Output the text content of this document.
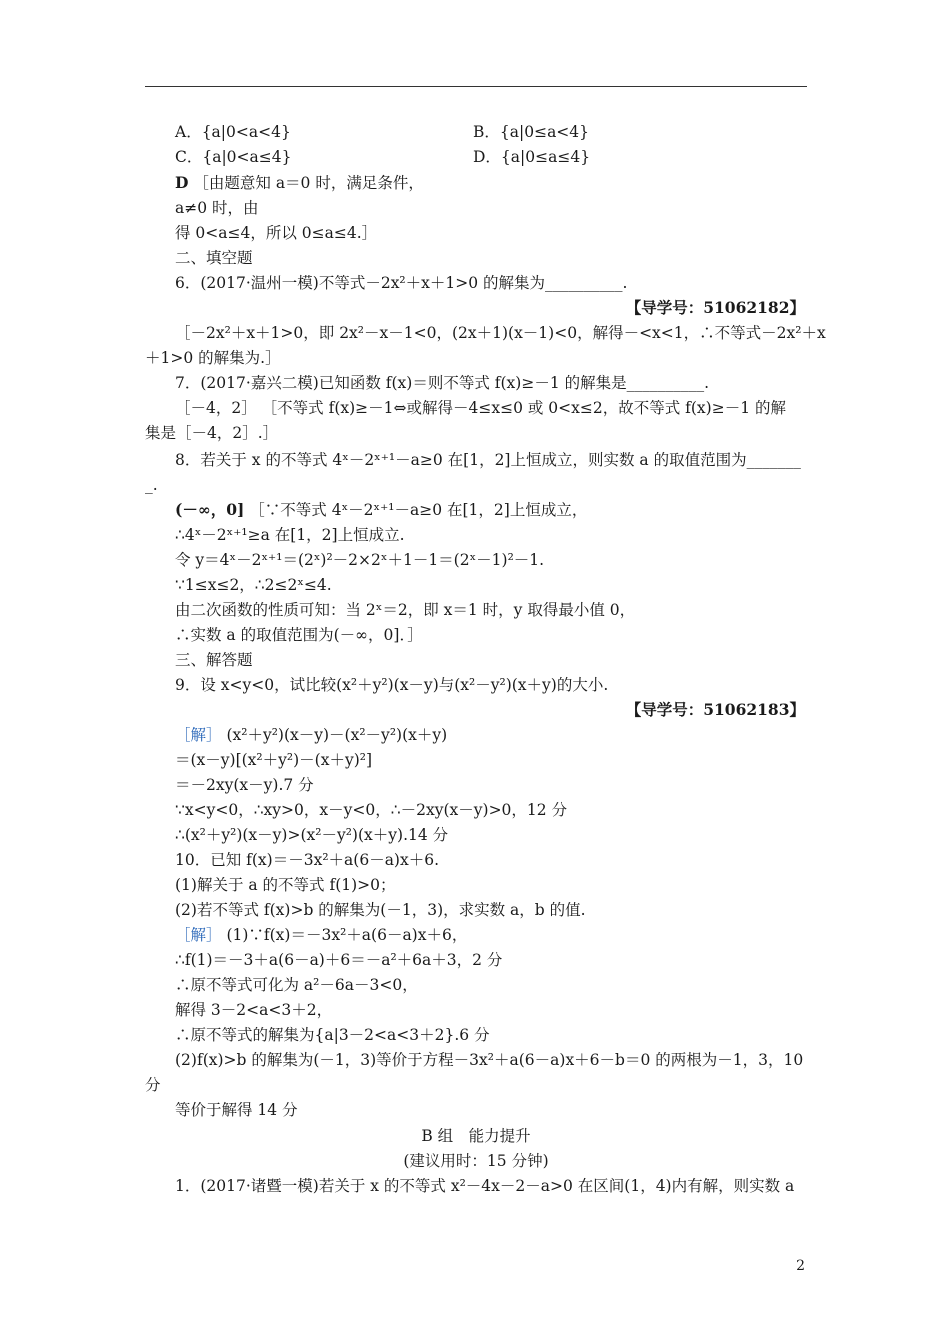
A．{a|0<a<4}	B．{a|0≤a<4}
C．{a|0<a≤4}	D．{a|0≤a≤4}
D ［由题意知 a＝0 时，满足条件，
a≠0 时，由
得 0<a≤4，所以 0≤a≤4.］
二、填空题
6．(2017·温州一模)不等式－2x²＋x＋1>0 的解集为__________.
【导学号：51062182】
［－2x²＋x＋1>0，即 2x²－x－1<0，(2x＋1)(x－1)<0，解得－<x<1，∴不等式－2x²＋x
＋1>0 的解集为.］
7．(2017·嘉兴二模)已知函数 f(x)＝则不等式 f(x)≥－1 的解集是__________.
［－4，2］ ［不等式 f(x)≥－1⇔或解得－4≤x≤0 或 0<x≤2，故不等式 f(x)≥－1 的解
集是［－4，2］.］
8．若关于 x 的不等式 4ˣ－2ˣ⁺¹－a≥0 在[1，2]上恒成立，则实数 a 的取值范围为_______
_.
(－∞，0] ［∵不等式 4ˣ－2ˣ⁺¹－a≥0 在[1，2]上恒成立，
∴4ˣ－2ˣ⁺¹≥a 在[1，2]上恒成立.
令 y＝4ˣ－2ˣ⁺¹＝(2ˣ)²－2×2ˣ＋1－1＝(2ˣ－1)²－1.
∵1≤x≤2，∴2≤2ˣ≤4.
由二次函数的性质可知：当 2ˣ＝2，即 x＝1 时，y 取得最小值 0，
∴实数 a 的取值范围为(－∞，0]．］
三、解答题
9．设 x<y<0，试比较(x²＋y²)(x－y)与(x²－y²)(x＋y)的大小.
【导学号：51062183】
［解］ (x²＋y²)(x－y)－(x²－y²)(x＋y)
＝(x－y)[(x²＋y²)－(x＋y)²]
＝－2xy(x－y).7 分
∵x<y<0，∴xy>0，x－y<0，∴－2xy(x－y)>0，12 分
∴(x²＋y²)(x－y)>(x²－y²)(x＋y).14 分
10．已知 f(x)＝－3x²＋a(6－a)x＋6.
(1)解关于 a 的不等式 f(1)>0；
(2)若不等式 f(x)>b 的解集为(－1，3)，求实数 a，b 的值.
［解］ (1)∵f(x)＝－3x²＋a(6－a)x＋6，
∴f(1)＝－3＋a(6－a)＋6＝－a²＋6a＋3，2 分
∴原不等式可化为 a²－6a－3<0，
解得 3－2<a<3＋2，
∴原不等式的解集为{a|3－2<a<3＋2}.6 分
(2)f(x)>b 的解集为(－1，3)等价于方程－3x²＋a(6－a)x＋6－b＝0 的两根为－1，3，10
分
等价于解得 14 分
B 组　能力提升
(建议用时：15 分钟)
1．(2017·诸暨一模)若关于 x 的不等式 x²－4x－2－a>0 在区间(1，4)内有解，则实数 a
2
